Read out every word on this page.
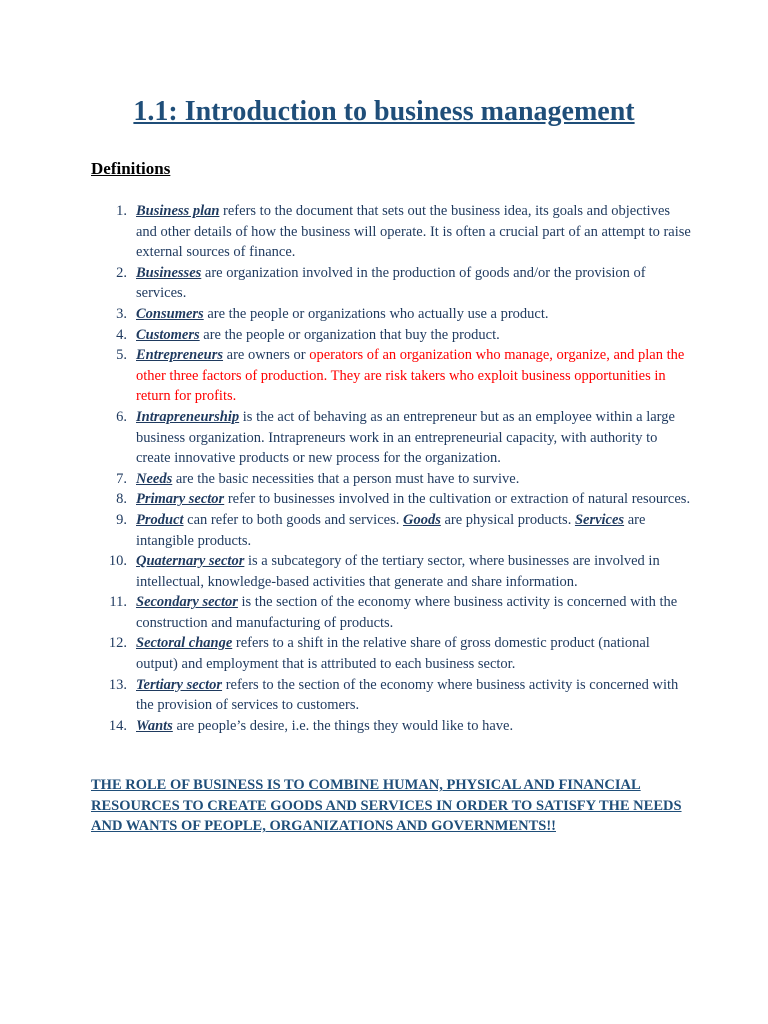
1.1: Introduction to business management
Definitions
1. Business plan refers to the document that sets out the business idea, its goals and objectives and other details of how the business will operate. It is often a crucial part of an attempt to raise external sources of finance.
2. Businesses are organization involved in the production of goods and/or the provision of services.
3. Consumers are the people or organizations who actually use a product.
4. Customers are the people or organization that buy the product.
5. Entrepreneurs are owners or operators of an organization who manage, organize, and plan the other three factors of production. They are risk takers who exploit business opportunities in return for profits.
6. Intrapreneurship is the act of behaving as an entrepreneur but as an employee within a large business organization. Intrapreneurs work in an entrepreneurial capacity, with authority to create innovative products or new process for the organization.
7. Needs are the basic necessities that a person must have to survive.
8. Primary sector refer to businesses involved in the cultivation or extraction of natural resources.
9. Product can refer to both goods and services. Goods are physical products. Services are intangible products.
10. Quaternary sector is a subcategory of the tertiary sector, where businesses are involved in intellectual, knowledge-based activities that generate and share information.
11. Secondary sector is the section of the economy where business activity is concerned with the construction and manufacturing of products.
12. Sectoral change refers to a shift in the relative share of gross domestic product (national output) and employment that is attributed to each business sector.
13. Tertiary sector refers to the section of the economy where business activity is concerned with the provision of services to customers.
14. Wants are people’s desire, i.e. the things they would like to have.

THE ROLE OF BUSINESS IS TO COMBINE HUMAN, PHYSICAL AND FINANCIAL RESOURCES TO CREATE GOODS AND SERVICES IN ORDER TO SATISFY THE NEEDS AND WANTS OF PEOPLE, ORGANIZATIONS AND GOVERNMENTS!!
